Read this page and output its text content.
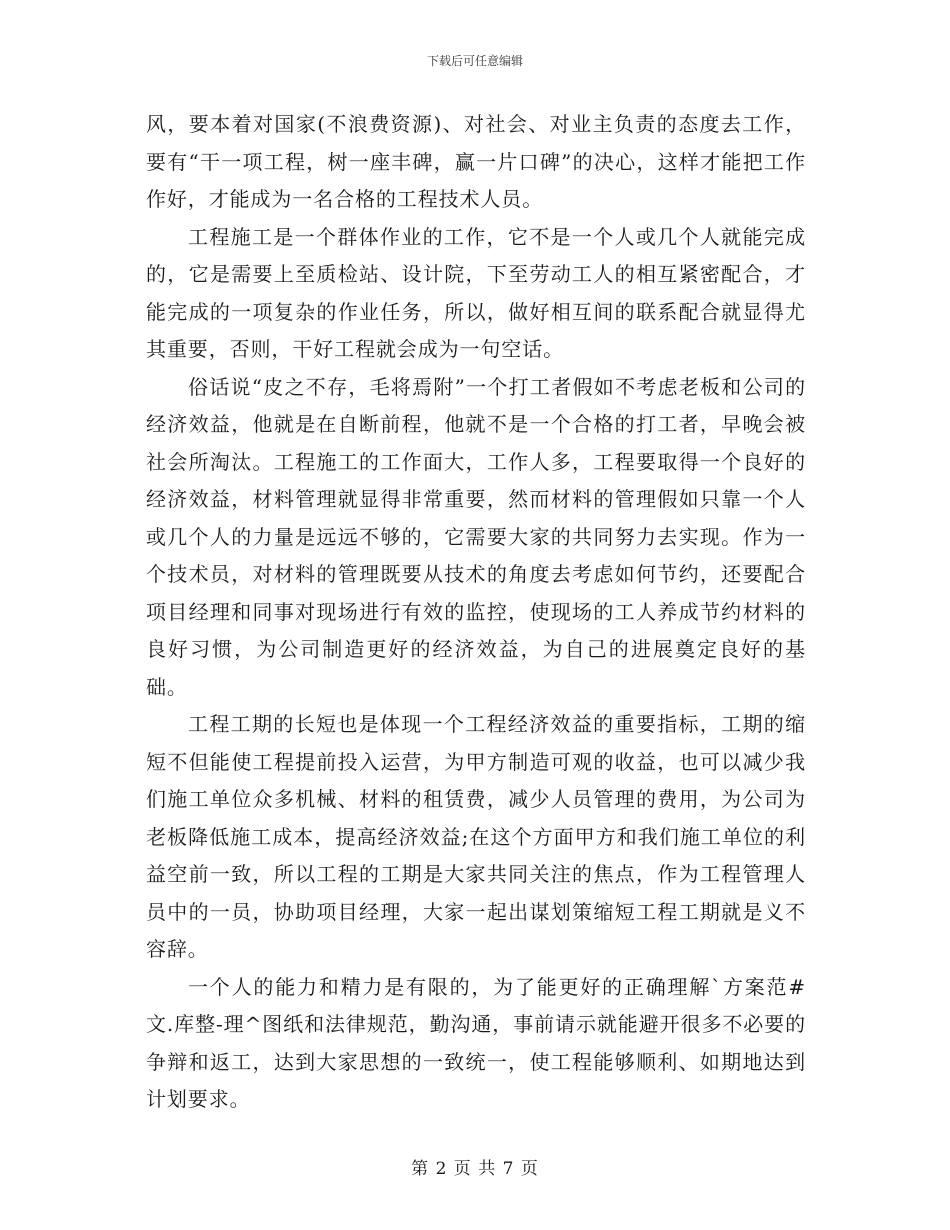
下载后可任意编辑

风，要本着对国家(不浪费资源)、对社会、对业主负责的态度去工作，要有“干一项工程，树一座丰碑，赢一片口碑”的决心，这样才能把工作作好，才能成为一名合格的工程技术人员。

工程施工是一个群体作业的工作，它不是一个人或几个人就能完成的，它是需要上至质检站、设计院，下至劳动工人的相互紧密配合，才能完成的一项复杂的作业任务，所以，做好相互间的联系配合就显得尤其重要，否则，干好工程就会成为一句空话。

俗话说“皮之不存，毛将焉附”一个打工者假如不考虑老板和公司的经济效益，他就是在自断前程，他就不是一个合格的打工者，早晚会被社会所淘汰。工程施工的工作面大，工作人多，工程要取得一个良好的经济效益，材料管理就显得非常重要，然而材料的管理假如只靠一个人或几个人的力量是远远不够的，它需要大家的共同努力去实现。作为一个技术员，对材料的管理既要从技术的角度去考虑如何节约，还要配合项目经理和同事对现场进行有效的监控，使现场的工人养成节约材料的良好习惯，为公司制造更好的经济效益，为自己的进展奠定良好的基础。

工程工期的长短也是体现一个工程经济效益的重要指标，工期的缩短不但能使工程提前投入运营，为甲方制造可观的收益，也可以减少我们施工单位众多机械、材料的租赁费，减少人员管理的费用，为公司为老板降低施工成本，提高经济效益;在这个方面甲方和我们施工单位的利益空前一致，所以工程的工期是大家共同关注的焦点，作为工程管理人员中的一员，协助项目经理，大家一起出谋划策缩短工程工期就是义不容辞。

一个人的能力和精力是有限的，为了能更好的正确理解`方案范#文.库整-理^图纸和法律规范，勤沟通，事前请示就能避开很多不必要的争辩和返工，达到大家思想的一致统一，使工程能够顺利、如期地达到计划要求。

第 2 页 共 7 页
